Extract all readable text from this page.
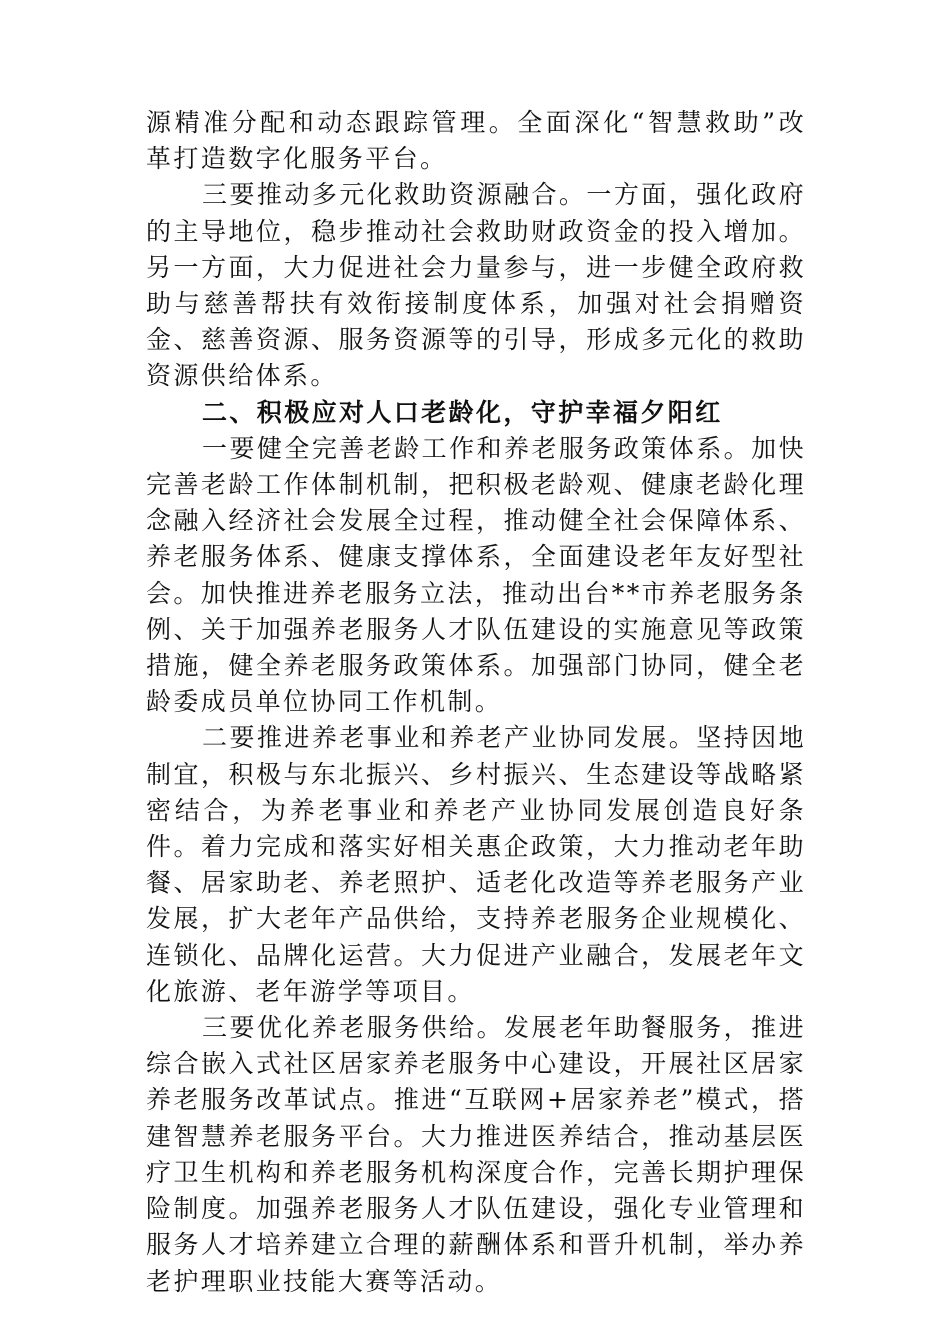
源精准分配和动态跟踪管理。全面深化“智慧救助”改革打造数字化服务平台。

三要推动多元化救助资源融合。一方面，强化政府的主导地位，稳步推动社会救助财政资金的投入增加。另一方面，大力促进社会力量参与，进一步健全政府救助与慈善帮扶有效衔接制度体系，加强对社会捐赠资金、慈善资源、服务资源等的引导，形成多元化的救助资源供给体系。

二、积极应对人口老龄化，守护幸福夕阳红

一要健全完善老龄工作和养老服务政策体系。加快完善老龄工作体制机制，把积极老龄观、健康老龄化理念融入经济社会发展全过程，推动健全社会保障体系、养老服务体系、健康支撑体系，全面建设老年友好型社会。加快推进养老服务立法，推动出台**市养老服务条例、关于加强养老服务人才队伍建设的实施意见等政策措施，健全养老服务政策体系。加强部门协同，健全老龄委成员单位协同工作机制。

二要推进养老事业和养老产业协同发展。坚持因地制宜，积极与东北振兴、乡村振兴、生态建设等战略紧密结合，为养老事业和养老产业协同发展创造良好条件。着力完成和落实好相关惠企政策，大力推动老年助餐、居家助老、养老照护、适老化改造等养老服务产业发展，扩大老年产品供给，支持养老服务企业规模化、连锁化、品牌化运营。大力促进产业融合，发展老年文化旅游、老年游学等项目。

三要优化养老服务供给。发展老年助餐服务，推进综合嵌入式社区居家养老服务中心建设，开展社区居家养老服务改革试点。推进“互联网+居家养老”模式，搭建智慧养老服务平台。大力推进医养结合，推动基层医疗卫生机构和养老服务机构深度合作，完善长期护理保险制度。加强养老服务人才队伍建设，强化专业管理和服务人才培养建立合理的薪酬体系和晋升机制，举办养老护理职业技能大赛等活动。
